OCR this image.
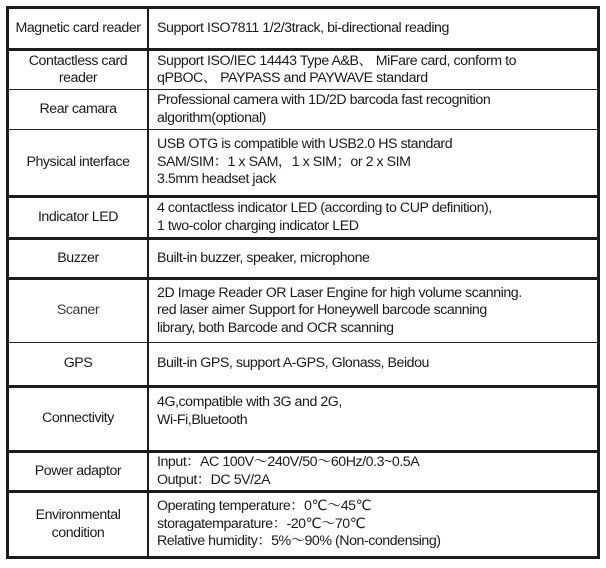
Magnetic card reader	Support ISO7811 1/2/3track, bi-directional reading

Contactless card reader	Support ISO/IEC 14443 Type A&B、 MiFare card, conform to
qPBOC、 PAYPASS and PAYWAVE standard

Rear camara	Professional camera with 1D/2D barcoda fast recognition
algorithm(optional)

Physical interface	USB OTG is compatible with USB2.0 HS standard
SAM/SIM：1 x SAM，1 x SIM；or 2 x SIM
3.5mm headset jack

Indicator LED	4 contactless indicator LED (according to CUP definition),
1 two-color charging indicator LED

Buzzer	Built-in buzzer, speaker, microphone

Scaner	2D Image Reader OR Laser Engine for high volume scanning.
red laser aimer Support for Honeywell barcode scanning
library, both Barcode and OCR scanning

GPS	Built-in GPS, support A-GPS, Glonass, Beidou

Connectivity	4G,compatible with 3G and 2G,
Wi-Fi,Bluetooth

Power adaptor	Input：AC 100V～240V/50～60Hz/0.3~0.5A
Output：DC 5V/2A

Environmental condition	Operating temperature：0℃～45℃
storagatemparature：-20℃～70℃
Relative humidity：5%～90% (Non-condensing)
